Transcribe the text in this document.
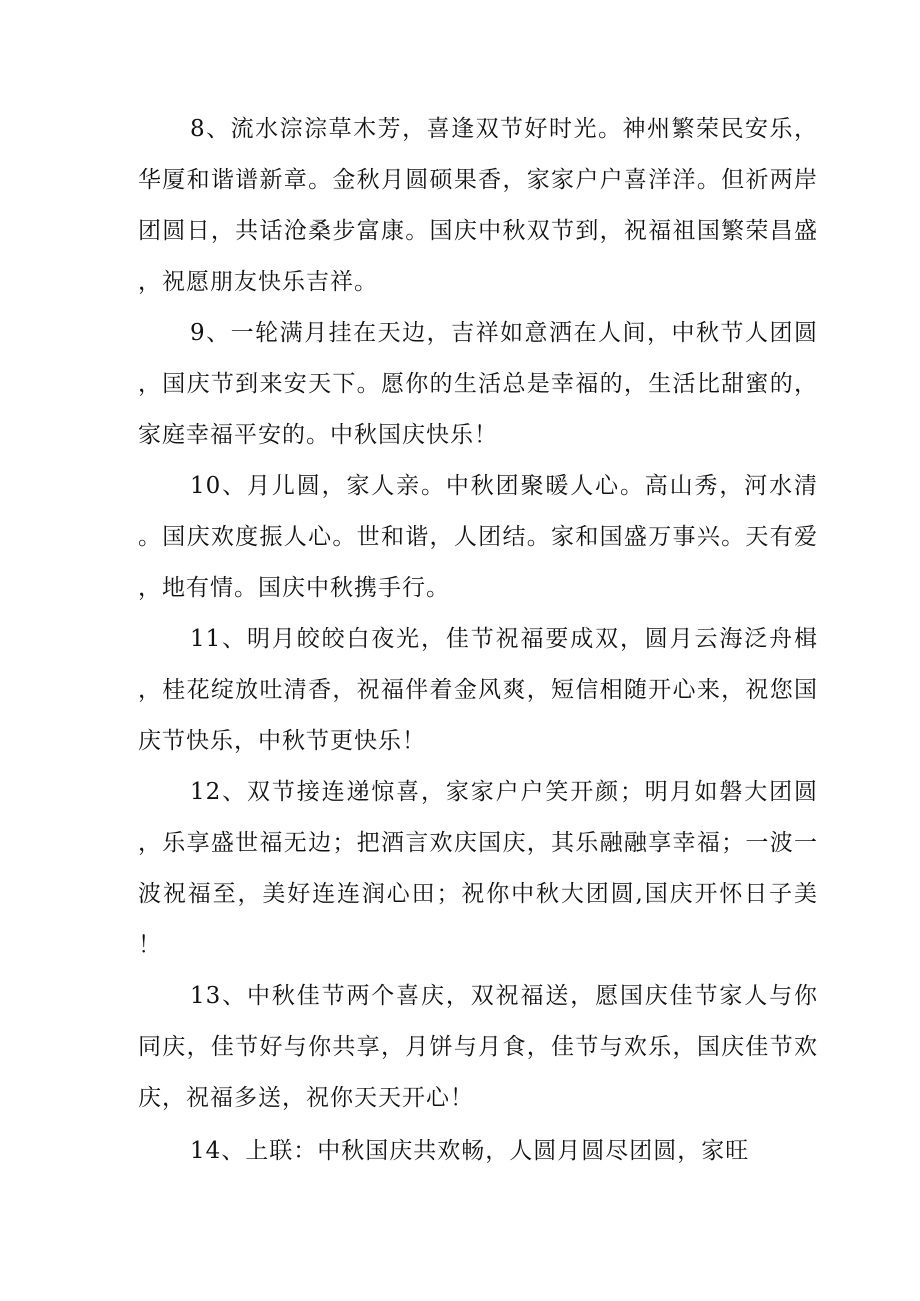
8、流水淙淙草木芳，喜逢双节好时光。神州繁荣民安乐，华厦和谐谱新章。金秋月圆硕果香，家家户户喜洋洋。但祈两岸团圆日，共话沧桑步富康。国庆中秋双节到，祝福祖国繁荣昌盛，祝愿朋友快乐吉祥。

9、一轮满月挂在天边，吉祥如意洒在人间，中秋节人团圆，国庆节到来安天下。愿你的生活总是幸福的，生活比甜蜜的，家庭幸福平安的。中秋国庆快乐！

10、月儿圆，家人亲。中秋团聚暖人心。高山秀，河水清。国庆欢度振人心。世和谐，人团结。家和国盛万事兴。天有爱，地有情。国庆中秋携手行。

11、明月皎皎白夜光，佳节祝福要成双，圆月云海泛舟楫，桂花绽放吐清香，祝福伴着金风爽，短信相随开心来，祝您国庆节快乐，中秋节更快乐！

12、双节接连递惊喜，家家户户笑开颜；明月如磐大团圆，乐享盛世福无边；把酒言欢庆国庆，其乐融融享幸福；一波一波祝福至，美好连连润心田；祝你中秋大团圆,国庆开怀日子美！

13、中秋佳节两个喜庆，双祝福送，愿国庆佳节家人与你同庆，佳节好与你共享，月饼与月食，佳节与欢乐，国庆佳节欢庆，祝福多送，祝你天天开心！

14、上联：中秋国庆共欢畅，人圆月圆尽团圆，家旺
